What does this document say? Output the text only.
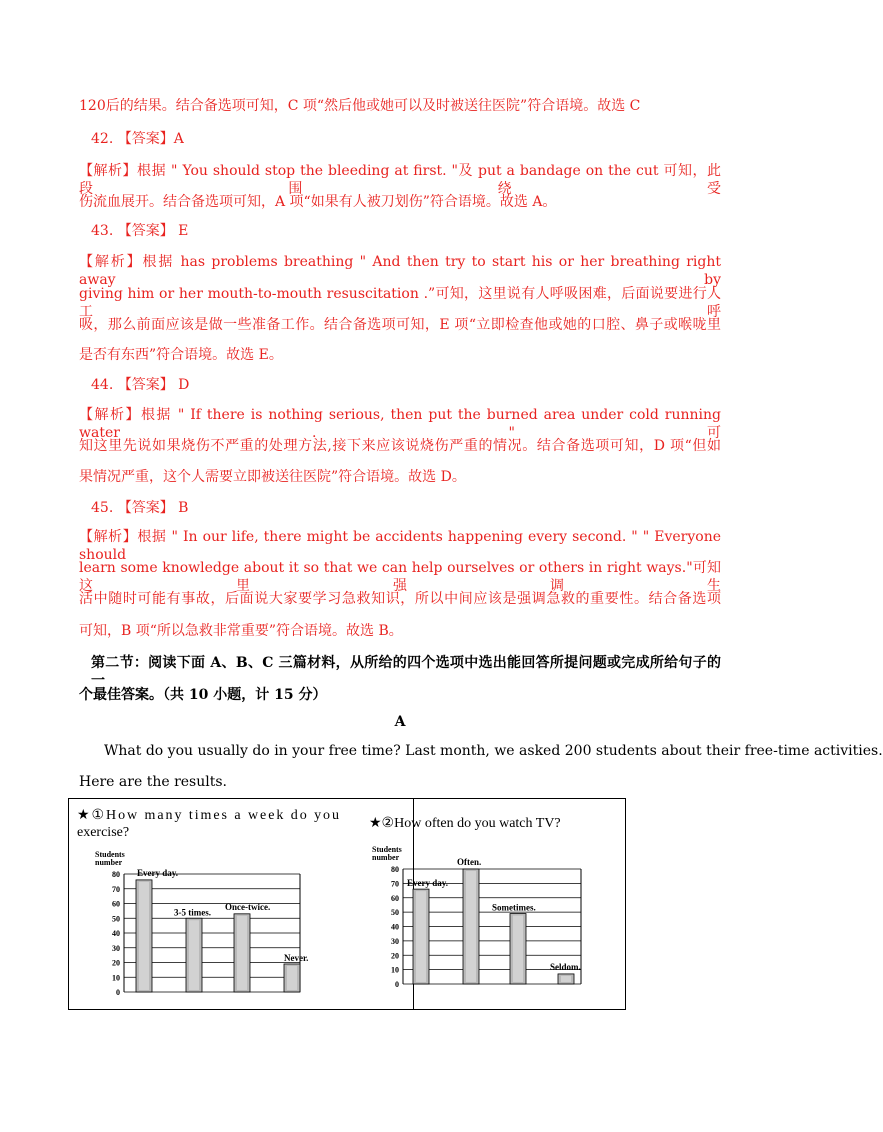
120后的结果。结合备选项可知，C 项“然后他或她可以及时被送往医院”符合语境。故选 C
42. 【答案】A
【解析】根据 " You should stop the bleeding at first. "及 put a bandage on the cut 可知，此段围绕受
伤流血展开。结合备选项可知，A 项“如果有人被刀划伤”符合语境。故选 A。
43. 【答案】 E
【解析】根据 has problems breathing " And then try to start his or her breathing right away by
giving him or her mouth-to-mouth resuscitation .”可知，这里说有人呼吸困难，后面说要进行人工呼
吸，那么前面应该是做一些准备工作。结合备选项可知，E 项“立即检查他或她的口腔、鼻子或喉咙里
是否有东西”符合语境。故选 E。
44. 【答案】 D
【解析】根据 " If there is nothing serious, then put the burned area under cold running water . " 可
知这里先说如果烧伤不严重的处理方法,接下来应该说烧伤严重的情况。结合备选项可知，D 项“但如
果情况严重，这个人需要立即被送往医院”符合语境。故选 D。
45. 【答案】 B
【解析】根据 " In our life, there might be accidents happening every second. " " Everyone should
learn some knowledge about it so that we can help ourselves or others in right ways."可知这里强调生
活中随时可能有事故，后面说大家要学习急救知识，所以中间应该是强调急救的重要性。结合备选项
可知，B 项“所以急救非常重要”符合语境。故选 B。
第二节：阅读下面 A、B、C 三篇材料，从所给的四个选项中选出能回答所提问题或完成所给句子的一
个最佳答案。（共 10 小题，计 15 分）
A
What do you usually do in your free time? Last month, we asked 200 students about their free-time activities.
Here are the results.
★①How many times a week do you
exercise?
Students
number
0
10
20
30
40
50
60
70
80 Every day.
3-5 times.
Once-twice.
Never.
★②How often do you watch TV?
Students
number
0
10
20
30
40
50
60
70
80
Every day.
Often.
Sometimes.
Seldom.
